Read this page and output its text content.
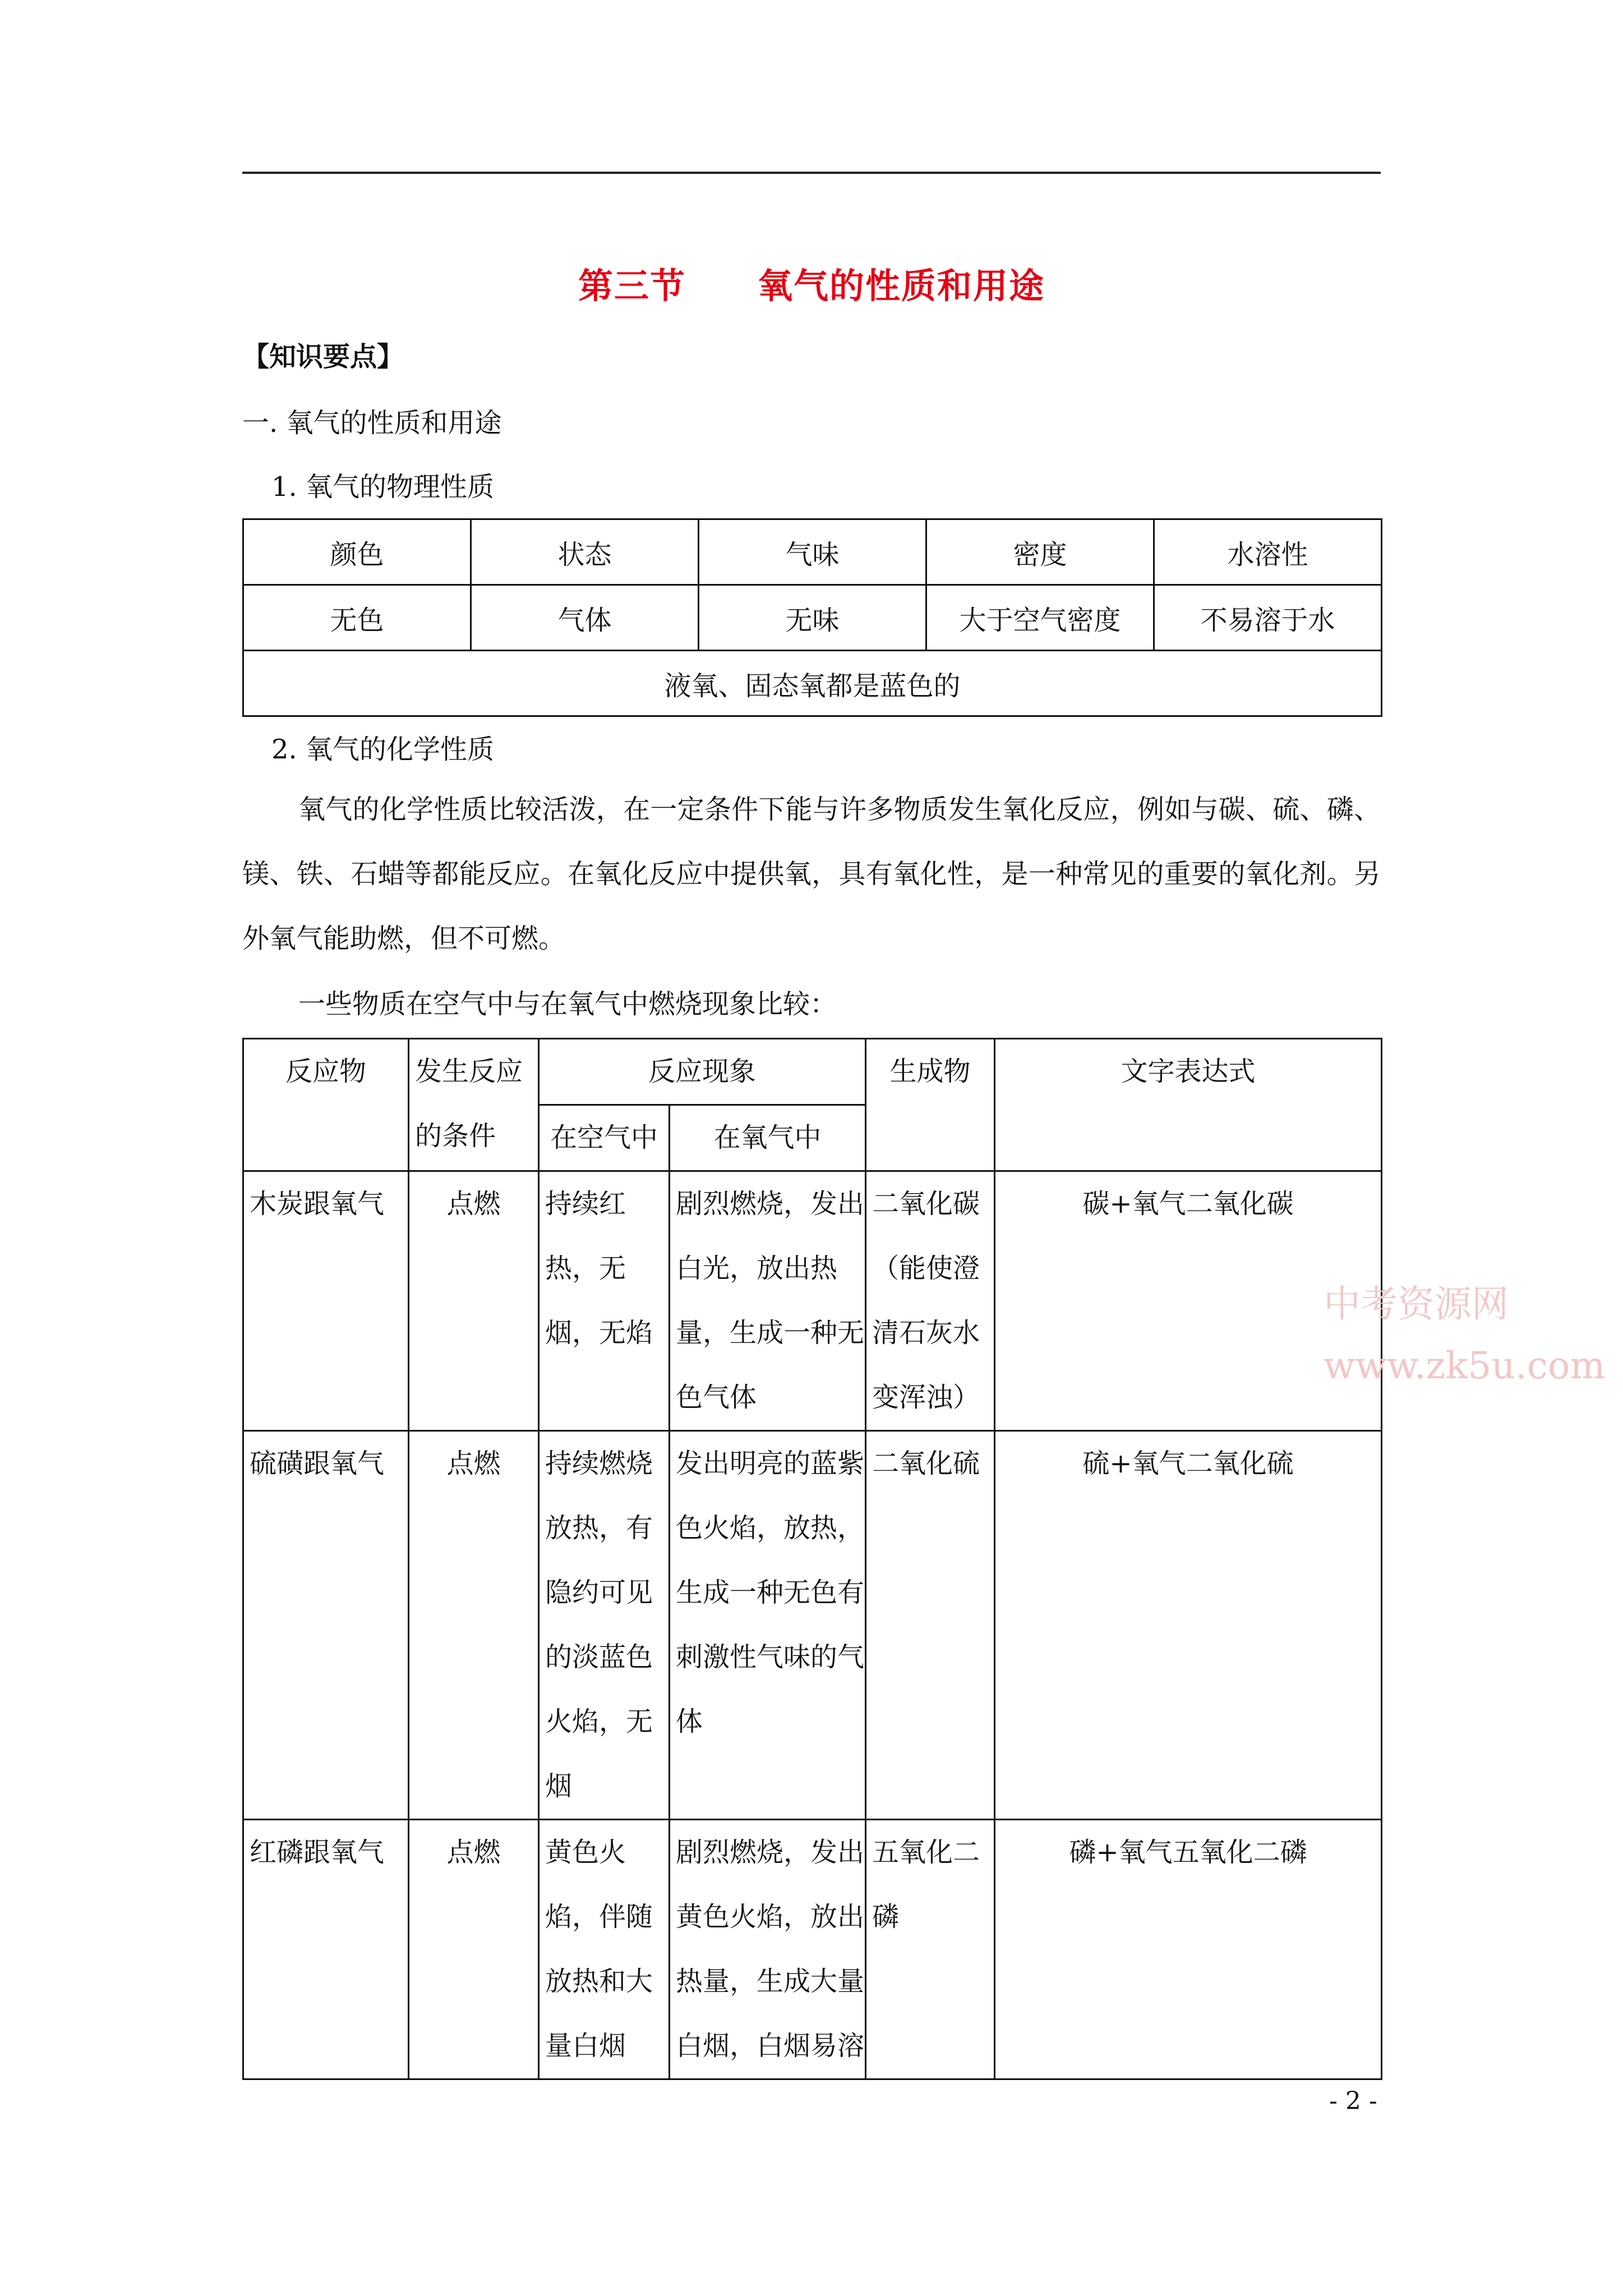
第三节　　氧气的性质和用途
【知识要点】
一. 氧气的性质和用途
1. 氧气的物理性质
颜色	状态	气味	密度	水溶性
无色	气体	无味	大于空气密度	不易溶于水
液氧、固态氧都是蓝色的				
2. 氧气的化学性质
氧气的化学性质比较活泼，在一定条件下能与许多物质发生氧化反应，例如与碳、硫、磷、镁、铁、石蜡等都能反应。在氧化反应中提供氧，具有氧化性，是一种常见的重要的氧化剂。另外氧气能助燃，但不可燃。
一些物质在空气中与在氧气中燃烧现象比较：
反应物	发生反应的条件	反应现象		生成物	文字表达式
		在空气中	在氧气中		
木炭跟氧气	点燃	持续红热，无烟，无焰	剧烈燃烧，发出白光，放出热量，生成一种无色气体	二氧化碳（能使澄清石灰水变浑浊）	碳+氧气二氧化碳
硫磺跟氧气	点燃	持续燃烧放热，有隐约可见的淡蓝色火焰，无烟	发出明亮的蓝紫色火焰，放热，生成一种无色有刺激性气味的气体	二氧化硫	硫+氧气二氧化硫
红磷跟氧气	点燃	黄色火焰，伴随放热和大量白烟	剧烈燃烧，发出黄色火焰，放出热量，生成大量白烟，白烟易溶	五氧化二磷	磷+氧气五氧化二磷
中考资源网
www.zk5u.com
- 2 -
